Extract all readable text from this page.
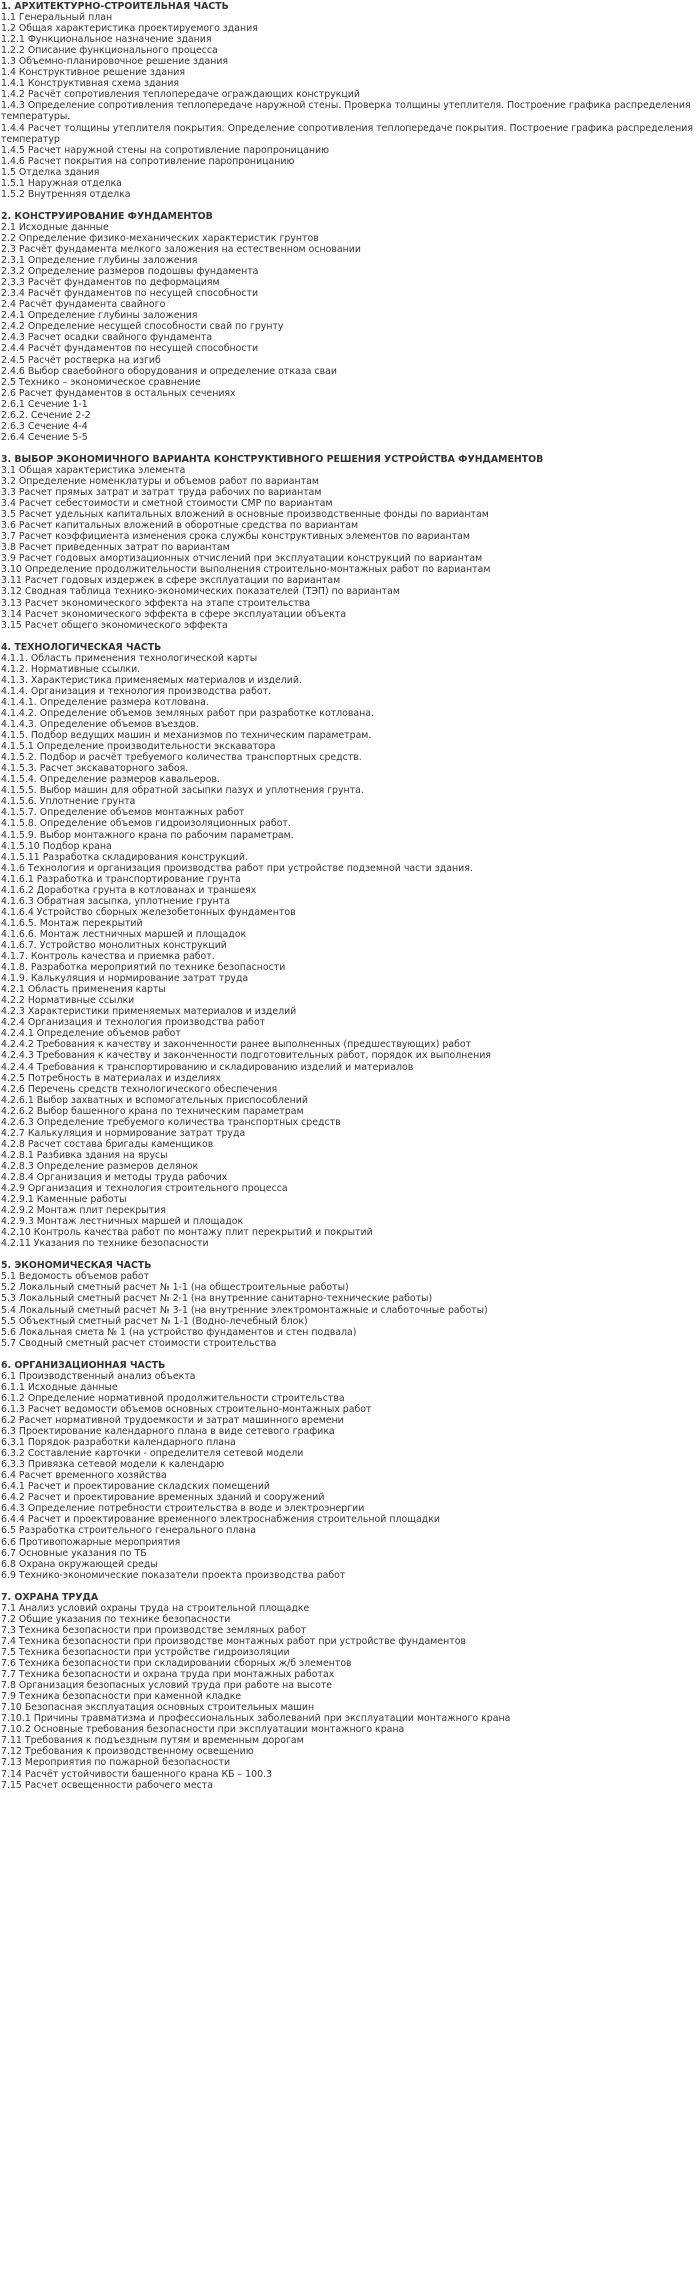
1. АРХИТЕКТУРНО-СТРОИТЕЛЬНАЯ ЧАСТЬ
1.1 Генеральный план
1.2 Общая характеристика проектируемого здания
1.2.1 Функциональное назначение здания
1.2.2 Описание функционального процесса
1.3 Объемно-планировочное решение здания
1.4 Конструктивное решение здания
1.4.1 Конструктивная схема здания
1.4.2 Расчёт сопротивления теплопередаче ограждающих конструкций
1.4.3 Определение сопротивления теплопередаче наружной стены. Проверка толщины утеплителя. Построение графика распределения температуры.
1.4.4 Расчет толщины утеплителя покрытия. Определение сопротивления теплопередаче покрытия. Построение графика распределения температур
1.4.5 Расчет наружной стены на сопротивление паропроницанию
1.4.6 Расчет покрытия на сопротивление паропроницанию
1.5 Отделка здания
1.5.1 Наружная отделка
1.5.2 Внутренняя отделка
2. КОНСТРУИРОВАНИЕ ФУНДАМЕНТОВ
2.1 Исходные данные
2.2 Определение физико-механических характеристик грунтов
2.3 Расчёт фундамента мелкого заложения на естественном основании
2.3.1 Определение глубины заложения
2.3.2 Определение размеров подошвы фундамента
2.3.3 Расчёт фундаментов по деформациям
2.3.4 Расчёт фундаментов по несущей способности
2.4 Расчёт фундамента свайного
2.4.1 Определение глубины заложения
2.4.2 Определение несущей способности свай по грунту
2.4.3 Расчет осадки свайного фундамента
2.4.4 Расчёт фундаментов по несущей способности
2.4.5 Расчёт ростверка на изгиб
2.4.6 Выбор сваебойного оборудования и определение отказа сваи
2.5 Технико – экономическое сравнение
2.6 Расчет фундаментов в остальных сечениях
2.6.1 Сечение 1-1
2.6.2. Сечение 2-2
2.6.3 Сечение 4-4
2.6.4 Сечение 5-5
3. ВЫБОР ЭКОНОМИЧНОГО ВАРИАНТА КОНСТРУКТИВНОГО РЕШЕНИЯ УСТРОЙСТВА ФУНДАМЕНТОВ
3.1 Общая характеристика элемента
3.2 Определение номенклатуры и объемов работ по вариантам
3.3 Расчет прямых затрат и затрат труда рабочих по вариантам
3.4 Расчет себестоимости и сметной стоимости СМР по вариантам
3.5 Расчет удельных капитальных вложений в основные производственные фонды по вариантам
3.6 Расчет капитальных вложений в оборотные средства по вариантам
3.7 Расчет коэффициента изменения срока службы конструктивных элементов по вариантам
3.8 Расчет приведенных затрат по вариантам
3.9 Расчет годовых амортизационных отчислений при эксплуатации конструкций по вариантам
3.10 Определение продолжительности выполнения строительно-монтажных работ по вариантам
3.11 Расчет годовых издержек в сфере эксплуатации по вариантам
3.12 Сводная таблица технико-экономических показателей (ТЭП) по вариантам
3.13 Расчет экономического эффекта на этапе строительства
3.14 Расчет экономического эффекта в сфере эксплуатации объекта
3.15 Расчет общего экономического эффекта
4. ТЕХНОЛОГИЧЕСКАЯ ЧАСТЬ
4.1.1. Область применения технологической карты
4.1.2. Нормативные ссылки.
4.1.3. Характеристика применяемых материалов и изделий.
4.1.4. Организация и технология производства работ.
4.1.4.1. Определение размера котлована.
4.1.4.2. Определение объемов земляных работ при разработке котлована.
4.1.4.3. Определение объемов въездов.
4.1.5. Подбор ведущих машин и механизмов по техническим параметрам.
4.1.5.1 Определение производительности экскаватора
4.1.5.2. Подбор и расчёт требуемого количества транспортных средств.
4.1.5.3. Расчет экскаваторного забоя.
4.1.5.4. Определение размеров кавальеров.
4.1.5.5. Выбор машин для обратной засыпки пазух и уплотнения грунта.
4.1.5.6. Уплотнение грунта
4.1.5.7. Определение объемов монтажных работ
4.1.5.8. Определение объемов гидроизоляционных работ.
4.1.5.9. Выбор монтажного крана по рабочим параметрам.
4.1.5.10 Подбор крана
4.1.5.11 Разработка складирования конструкций.
4.1.6 Технология и организация производства работ при устройстве подземной части здания.
4.1.6.1 Разработка и транспортирование грунта
4.1.6.2 Доработка грунта в котлованах и траншеях
4.1.6.3 Обратная засыпка, уплотнение грунта
4.1.6.4 Устройство сборных железобетонных фундаментов
4.1.6.5. Монтаж перекрытий
4.1.6.6. Монтаж лестничных маршей и площадок
4.1.6.7. Устройство монолитных конструкций
4.1.7. Контроль качества и приемка работ.
4.1.8. Разработка мероприятий по технике безопасности
4.1.9. Калькуляция и нормирование затрат труда
4.2.1 Область применения карты
4.2.2 Нормативные ссылки
4.2.3 Характеристики применяемых материалов и изделий
4.2.4 Организация и технология производства работ
4.2.4.1 Определение объемов работ
4.2.4.2 Требования к качеству и законченности ранее выполненных (предшествующих) работ
4.2.4.3 Требования к качеству и законченности подготовительных работ, порядок их выполнения
4.2.4.4 Требования к транспортированию и складированию изделий и материалов
4.2.5 Потребность в материалах и изделиях
4.2.6 Перечень средств технологического обеспечения
4.2.6.1 Выбор захватных и вспомогательных приспособлений
4.2.6.2 Выбор башенного крана по техническим параметрам
4.2.6.3 Определение требуемого количества транспортных средств
4.2.7 Калькуляция и нормирование затрат труда
4.2.8 Расчет состава бригады каменщиков
4.2.8.1 Разбивка здания на ярусы
4.2.8.3 Определение размеров делянок
4.2.8.4 Организация и методы труда рабочих
4.2.9 Организация и технология строительного процесса
4.2.9.1 Каменные работы
4.2.9.2 Монтаж плит перекрытия
4.2.9.3 Монтаж лестничных маршей и площадок
4.2.10 Контроль качества работ по монтажу плит перекрытий и покрытий
4.2.11 Указания по технике безопасности
5. ЭКОНОМИЧЕСКАЯ ЧАСТЬ
5.1 Ведомость объемов работ
5.2 Локальный сметный расчет № 1-1 (на общестроительные работы)
5.3 Локальный сметный расчет № 2-1 (на внутренние санитарно-технические работы)
5.4 Локальный сметный расчет № 3-1 (на внутренние электромонтажные и слаботочные работы)
5.5 Объектный сметный расчет № 1-1 (Водно-лечебный блок)
5.6 Локальная смета № 1 (на устройство фундаментов и стен подвала)
5.7 Сводный сметный расчет стоимости строительства
6. ОРГАНИЗАЦИОННАЯ ЧАСТЬ
6.1 Производственный анализ объекта
6.1.1 Исходные данные
6.1.2 Определение нормативной продолжительности строительства
6.1.3 Расчет ведомости объемов основных строительно-монтажных работ
6.2 Расчет нормативной трудоемкости и затрат машинного времени
6.3 Проектирование календарного плана в виде сетевого графика
6.3.1 Порядок разработки календарного плана
6.3.2 Составление карточки - определителя сетевой модели
6.3.3 Привязка сетевой модели к календарю
6.4 Расчет временного хозяйства
6.4.1 Расчет и проектирование складских помещений
6.4.2 Расчет и проектирование временных зданий и сооружений
6.4.3 Определение потребности строительства в воде и электроэнергии
6.4.4 Расчет и проектирование временного электроснабжения строительной площадки
6.5 Разработка строительного генерального плана
6.6 Противопожарные мероприятия
6.7 Основные указания по ТБ
6.8 Охрана окружающей среды
6.9 Технико-экономические показатели проекта производства работ
7. ОХРАНА ТРУДА
7.1 Анализ условий охраны труда на строительной площадке
7.2 Общие указания по технике безопасности
7.3 Техника безопасности при производстве земляных работ
7.4 Техника безопасности при производстве монтажных работ при устройстве фундаментов
7.5 Техника безопасности при устройстве гидроизоляции
7.6 Техника безопасности при складировании сборных ж/б элементов
7.7 Техника безопасности и охрана труда при монтажных работах
7.8 Организация безопасных условий труда при работе на высоте
7.9 Техника безопасности при каменной кладке
7.10 Безопасная эксплуатация основных строительных машин
7.10.1 Причины травматизма и профессиональных заболеваний при эксплуатации монтажного крана
7.10.2 Основные требования безопасности при эксплуатации монтажного крана
7.11 Требования к подъездным путям и временным дорогам
7.12 Требования к производственному освещению
7.13 Мероприятия по пожарной безопасности
7.14 Расчёт устойчивости башенного крана КБ – 100.3
7.15 Расчет освещенности рабочего места
